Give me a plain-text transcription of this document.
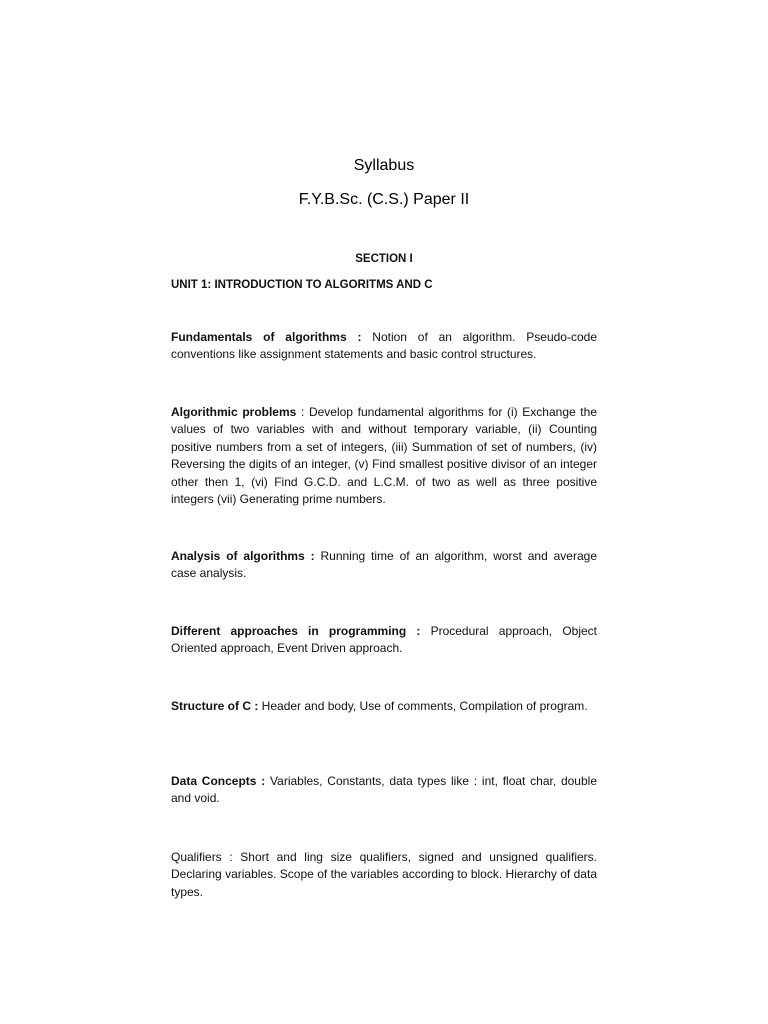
Syllabus
F.Y.B.Sc. (C.S.) Paper II
SECTION I
UNIT 1: INTRODUCTION TO ALGORITMS AND C

Fundamentals of algorithms : Notion of an algorithm. Pseudo-code conventions like assignment statements and basic control structures.

Algorithmic problems : Develop fundamental algorithms for (i) Exchange the values of two variables with and without temporary variable, (ii) Counting positive numbers from a set of integers, (iii) Summation of set of numbers, (iv) Reversing the digits of an integer, (v) Find smallest positive divisor of an integer other then 1, (vi) Find G.C.D. and L.C.M. of two as well as three positive integers (vii) Generating prime numbers.

Analysis of algorithms : Running time of an algorithm, worst and average case analysis.

Different approaches in programming : Procedural approach, Object Oriented approach, Event Driven approach.

Structure of C : Header and body, Use of comments, Compilation of program.

Data Concepts : Variables, Constants, data types like : int, float char, double and void.

Qualifiers : Short and ling size qualifiers, signed and unsigned qualifiers. Declaring variables. Scope of the variables according to block. Hierarchy of data types.
